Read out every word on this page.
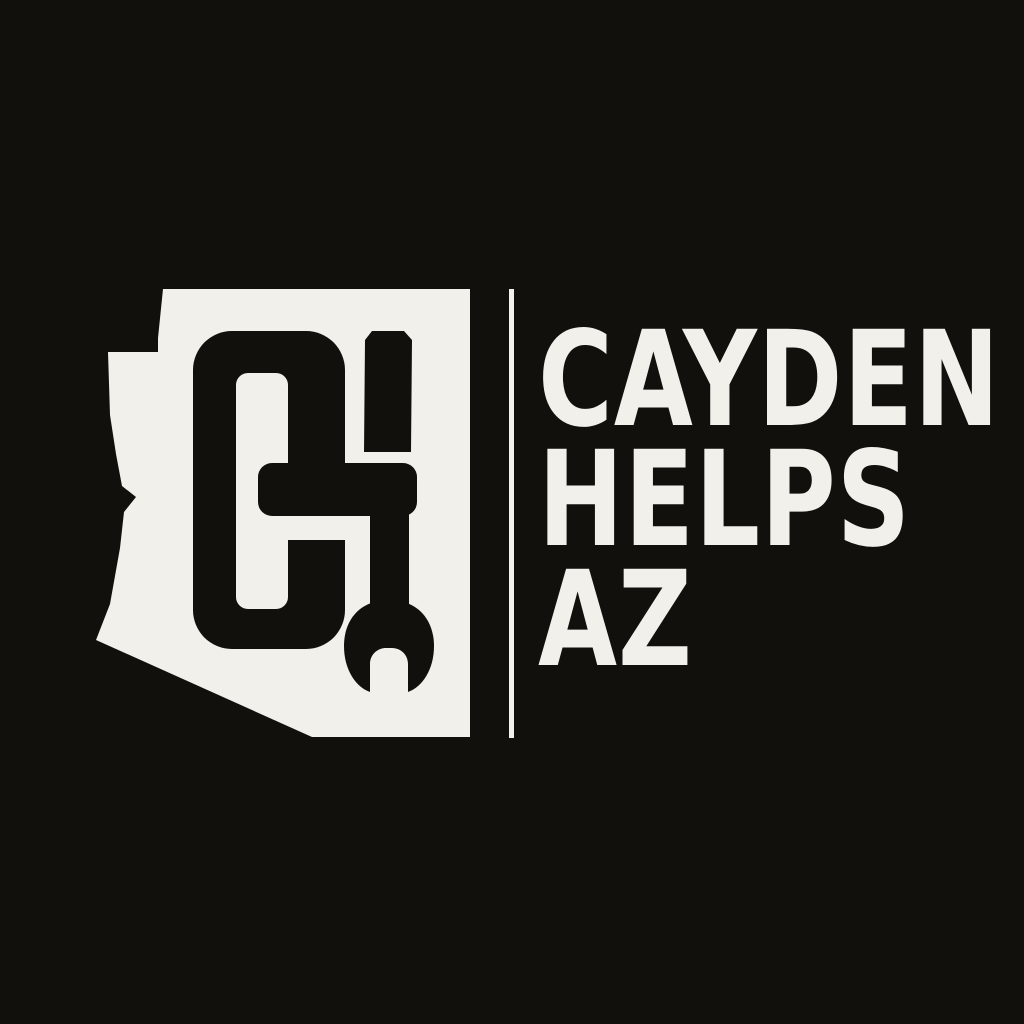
CAYDEN
HELPS
AZ
